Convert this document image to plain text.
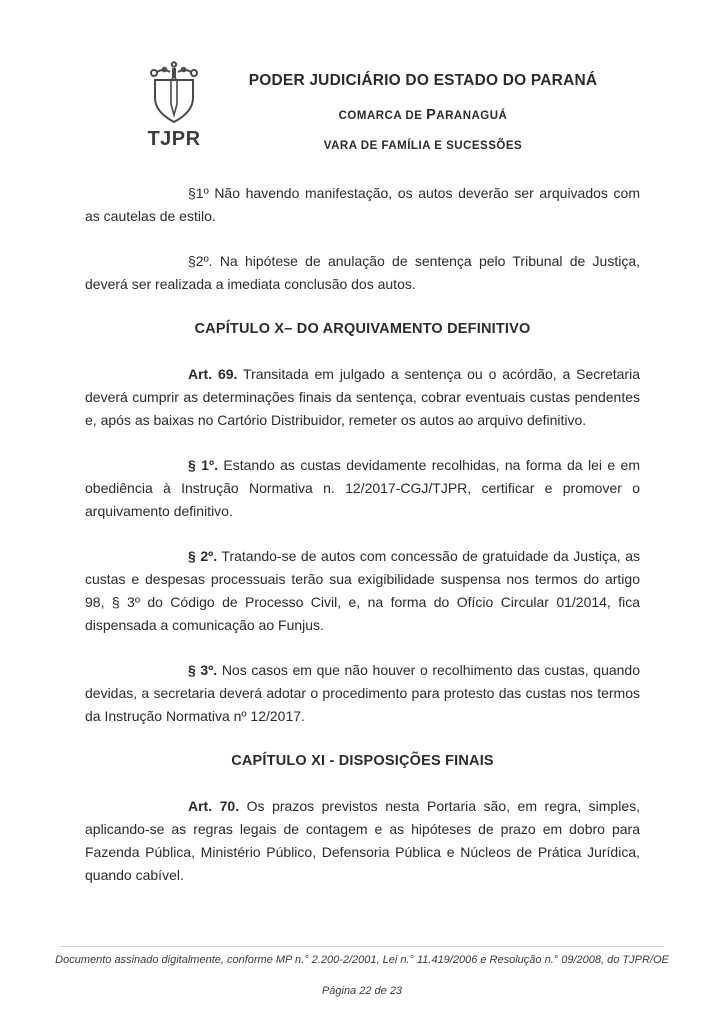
TJPR
PODER JUDICIÁRIO DO ESTADO DO PARANÁ
COMARCA DE PARANAGUÁ
VARA DE FAMÍLIA E SUCESSÕES

§1º Não havendo manifestação, os autos deverão ser arquivados com as cautelas de estilo.

§2º. Na hipótese de anulação de sentença pelo Tribunal de Justiça, deverá ser realizada a imediata conclusão dos autos.

CAPÍTULO X– DO ARQUIVAMENTO DEFINITIVO

Art. 69. Transitada em julgado a sentença ou o acórdão, a Secretaria deverá cumprir as determinações finais da sentença, cobrar eventuais custas pendentes e, após as baixas no Cartório Distribuidor, remeter os autos ao arquivo definitivo.

§ 1º. Estando as custas devidamente recolhidas, na forma da lei e em obediência à Instrução Normativa n. 12/2017-CGJ/TJPR, certificar e promover o arquivamento definitivo.

§ 2º. Tratando-se de autos com concessão de gratuidade da Justiça, as custas e despesas processuais terão sua exigibilidade suspensa nos termos do artigo 98, § 3º do Código de Processo Civil, e, na forma do Ofício Circular 01/2014, fica dispensada a comunicação ao Funjus.

§ 3º. Nos casos em que não houver o recolhimento das custas, quando devidas, a secretaria deverá adotar o procedimento para protesto das custas nos termos da Instrução Normativa nº 12/2017.

CAPÍTULO XI - DISPOSIÇÕES FINAIS

Art. 70. Os prazos previstos nesta Portaria são, em regra, simples, aplicando-se as regras legais de contagem e as hipóteses de prazo em dobro para Fazenda Pública, Ministério Público, Defensoria Pública e Núcleos de Prática Jurídica, quando cabível.

Documento assinado digitalmente, conforme MP n.° 2.200-2/2001, Lei n.° 11.419/2006 e Resolução n.° 09/2008, do TJPR/OE
Página 22 de 23
